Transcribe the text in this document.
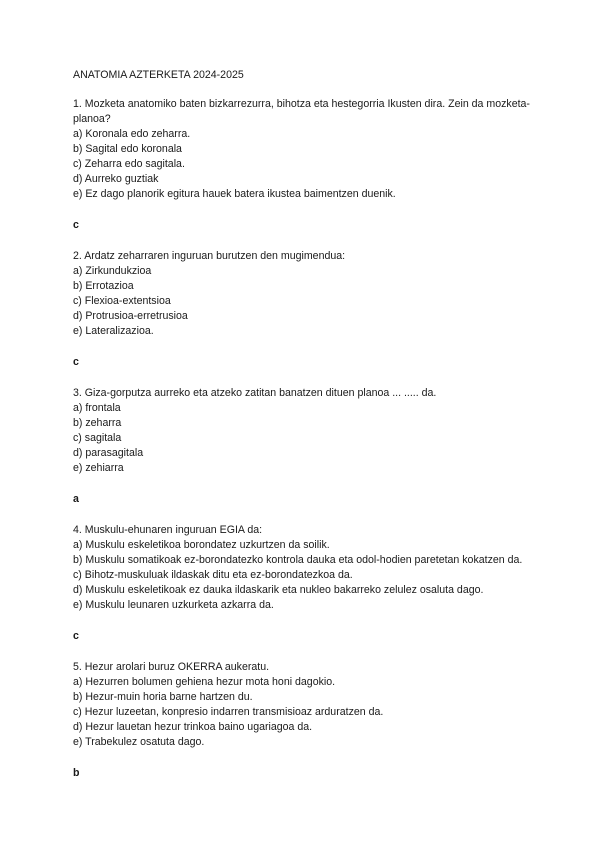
ANATOMIA AZTERKETA 2024-2025

1. Mozketa anatomiko baten bizkarrezurra, bihotza eta hestegorria Ikusten dira. Zein da mozketa-planoa?

a) Koronala edo zeharra.
b) Sagital edo koronala
c) Zeharra edo sagitala.
d) Aurreko guztiak
e) Ez dago planorik egitura hauek batera ikustea baimentzen duenik.
c

2. Ardatz zeharraren inguruan burutzen den mugimendua:

a) Zirkundukzioa
b) Errotazioa
c) Flexioa-extentsioa
d) Protrusioa-erretrusioa
e) Lateralizazioa.
c

3. Giza-gorputza aurreko eta atzeko zatitan banatzen dituen planoa ... ..... da.

a) frontala
b) zeharra
c) sagitala
d) parasagitala
e) zehiarra
a

4. Muskulu-ehunaren inguruan EGIA da:

a) Muskulu eskeletikoa borondatez uzkurtzen da soilik.
b) Muskulu somatikoak ez-borondatezko kontrola dauka eta odol-hodien paretetan kokatzen da.
c) Bihotz-muskuluak ildaskak ditu eta ez-borondatezkoa da.
d) Muskulu eskeletikoak ez dauka ildaskarik eta nukleo bakarreko zelulez osaluta dago.
e) Muskulu leunaren uzkurketa azkarra da.
c

5. Hezur arolari buruz OKERRA aukeratu.

a) Hezurren bolumen gehiena hezur mota honi dagokio.
b) Hezur-muin horia barne hartzen du.
c) Hezur luzeetan, konpresio indarren transmisioaz arduratzen da.
d) Hezur lauetan hezur trinkoa baino ugariagoa da.
e) Trabekulez osatuta dago.
b
